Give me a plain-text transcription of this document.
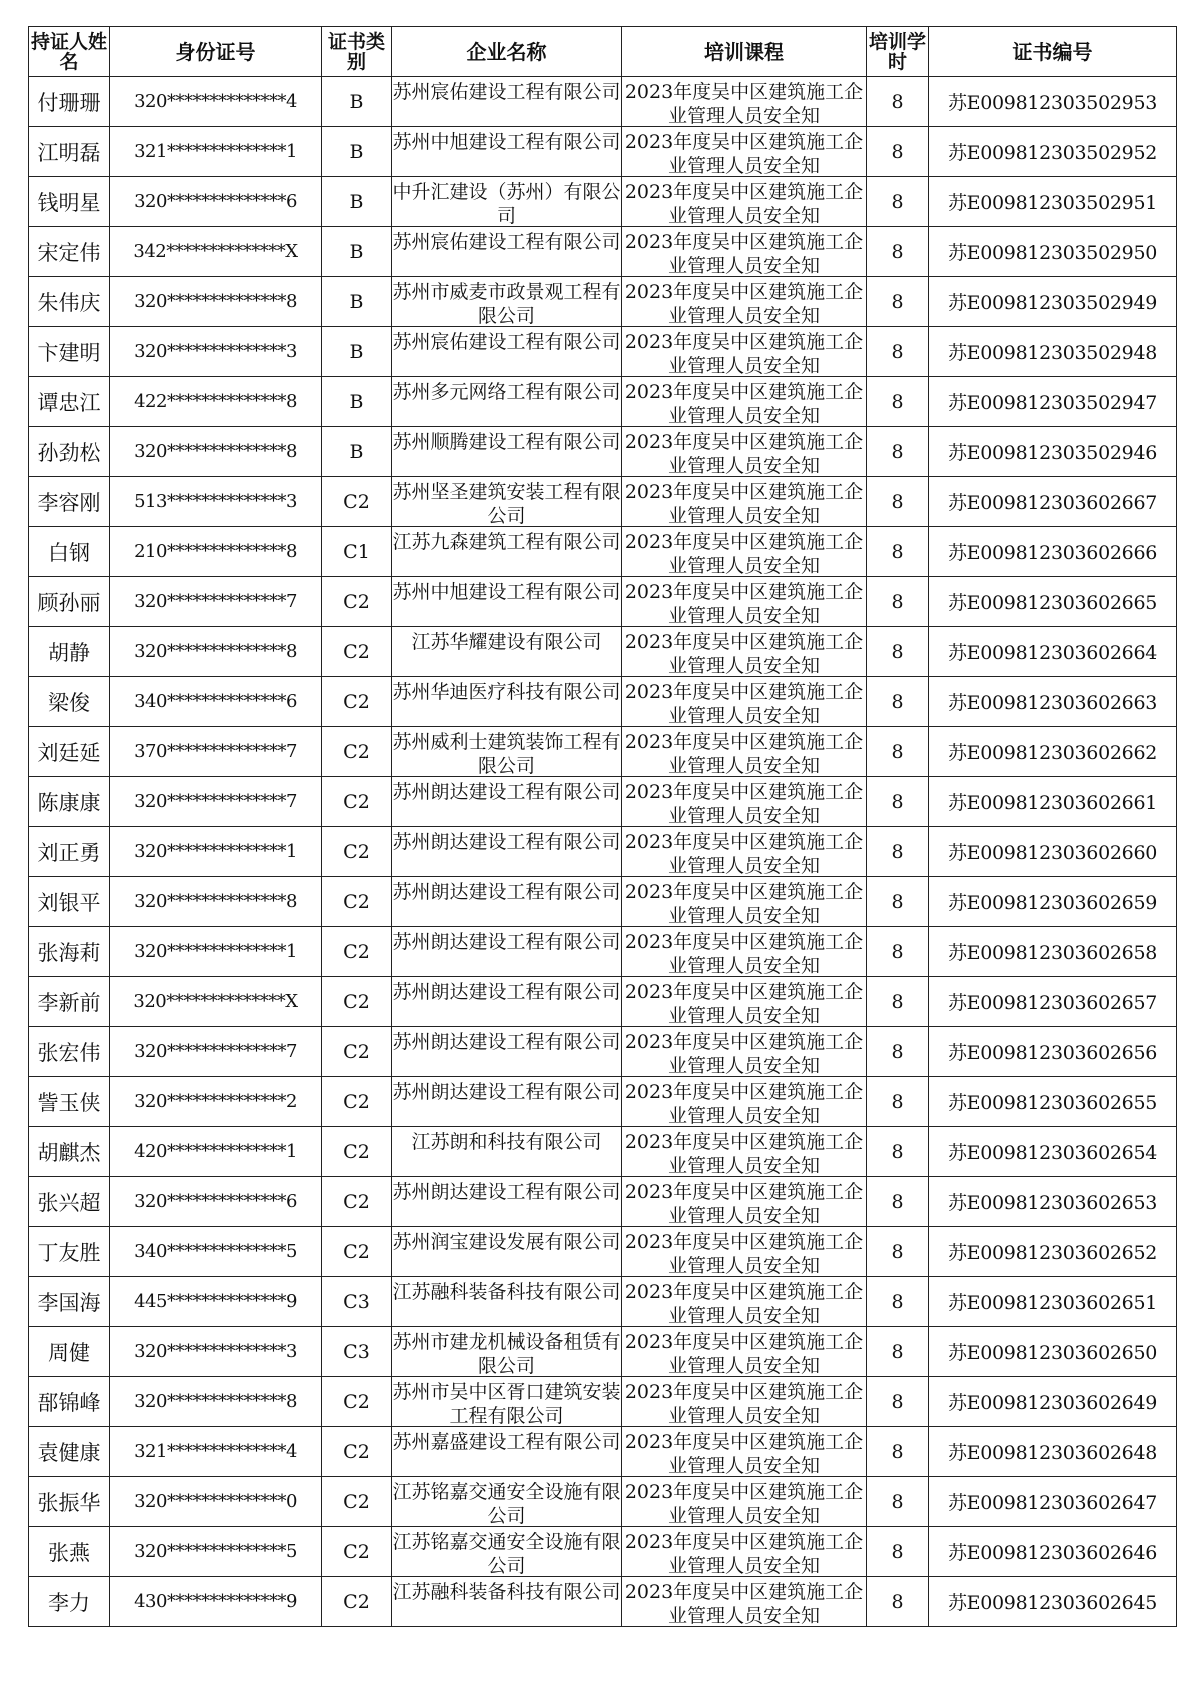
持证人姓名	身份证号	证书类别	企业名称	培训课程	培训学时	证书编号
付珊珊	320**************4	B	苏州宸佑建设工程有限公司	2023年度吴中区建筑施工企业管理人员安全知	8	苏E009812303502953
江明磊	321**************1	B	苏州中旭建设工程有限公司	2023年度吴中区建筑施工企业管理人员安全知	8	苏E009812303502952
钱明星	320**************6	B	中升汇建设（苏州）有限公司	2023年度吴中区建筑施工企业管理人员安全知	8	苏E009812303502951
宋定伟	342**************X	B	苏州宸佑建设工程有限公司	2023年度吴中区建筑施工企业管理人员安全知	8	苏E009812303502950
朱伟庆	320**************8	B	苏州市威麦市政景观工程有限公司	2023年度吴中区建筑施工企业管理人员安全知	8	苏E009812303502949
卞建明	320**************3	B	苏州宸佑建设工程有限公司	2023年度吴中区建筑施工企业管理人员安全知	8	苏E009812303502948
谭忠江	422**************8	B	苏州多元网络工程有限公司	2023年度吴中区建筑施工企业管理人员安全知	8	苏E009812303502947
孙劲松	320**************8	B	苏州顺腾建设工程有限公司	2023年度吴中区建筑施工企业管理人员安全知	8	苏E009812303502946
李容刚	513**************3	C2	苏州坚圣建筑安装工程有限公司	2023年度吴中区建筑施工企业管理人员安全知	8	苏E009812303602667
白钢	210**************8	C1	江苏九森建筑工程有限公司	2023年度吴中区建筑施工企业管理人员安全知	8	苏E009812303602666
顾孙丽	320**************7	C2	苏州中旭建设工程有限公司	2023年度吴中区建筑施工企业管理人员安全知	8	苏E009812303602665
胡静	320**************8	C2	江苏华耀建设有限公司	2023年度吴中区建筑施工企业管理人员安全知	8	苏E009812303602664
梁俊	340**************6	C2	苏州华迪医疗科技有限公司	2023年度吴中区建筑施工企业管理人员安全知	8	苏E009812303602663
刘廷延	370**************7	C2	苏州威利士建筑装饰工程有限公司	2023年度吴中区建筑施工企业管理人员安全知	8	苏E009812303602662
陈康康	320**************7	C2	苏州朗达建设工程有限公司	2023年度吴中区建筑施工企业管理人员安全知	8	苏E009812303602661
刘正勇	320**************1	C2	苏州朗达建设工程有限公司	2023年度吴中区建筑施工企业管理人员安全知	8	苏E009812303602660
刘银平	320**************8	C2	苏州朗达建设工程有限公司	2023年度吴中区建筑施工企业管理人员安全知	8	苏E009812303602659
张海莉	320**************1	C2	苏州朗达建设工程有限公司	2023年度吴中区建筑施工企业管理人员安全知	8	苏E009812303602658
李新前	320**************X	C2	苏州朗达建设工程有限公司	2023年度吴中区建筑施工企业管理人员安全知	8	苏E009812303602657
张宏伟	320**************7	C2	苏州朗达建设工程有限公司	2023年度吴中区建筑施工企业管理人员安全知	8	苏E009812303602656
訾玉侠	320**************2	C2	苏州朗达建设工程有限公司	2023年度吴中区建筑施工企业管理人员安全知	8	苏E009812303602655
胡麒杰	420**************1	C2	江苏朗和科技有限公司	2023年度吴中区建筑施工企业管理人员安全知	8	苏E009812303602654
张兴超	320**************6	C2	苏州朗达建设工程有限公司	2023年度吴中区建筑施工企业管理人员安全知	8	苏E009812303602653
丁友胜	340**************5	C2	苏州润宝建设发展有限公司	2023年度吴中区建筑施工企业管理人员安全知	8	苏E009812303602652
李国海	445**************9	C3	江苏融科装备科技有限公司	2023年度吴中区建筑施工企业管理人员安全知	8	苏E009812303602651
周健	320**************3	C3	苏州市建龙机械设备租赁有限公司	2023年度吴中区建筑施工企业管理人员安全知	8	苏E009812303602650
郚锦峰	320**************8	C2	苏州市吴中区胥口建筑安装工程有限公司	2023年度吴中区建筑施工企业管理人员安全知	8	苏E009812303602649
袁健康	321**************4	C2	苏州嘉盛建设工程有限公司	2023年度吴中区建筑施工企业管理人员安全知	8	苏E009812303602648
张振华	320**************0	C2	江苏铭嘉交通安全设施有限公司	2023年度吴中区建筑施工企业管理人员安全知	8	苏E009812303602647
张燕	320**************5	C2	江苏铭嘉交通安全设施有限公司	2023年度吴中区建筑施工企业管理人员安全知	8	苏E009812303602646
李力	430**************9	C2	江苏融科装备科技有限公司	2023年度吴中区建筑施工企业管理人员安全知	8	苏E009812303602645
